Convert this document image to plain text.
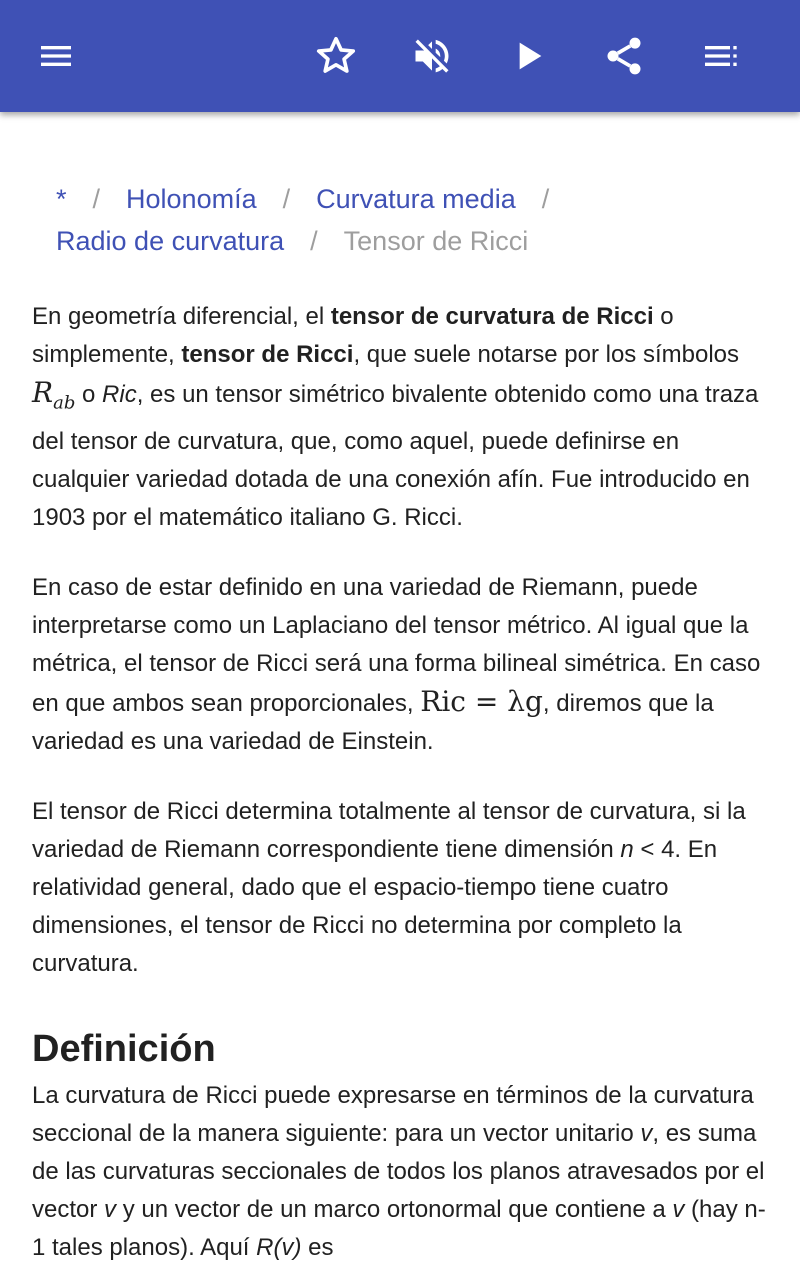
* / Holonomía / Curvatura media /
Radio de curvatura / Tensor de Ricci

En geometría diferencial, el tensor de curvatura de Ricci o simplemente, tensor de Ricci, que suele notarse por los símbolos $R_{ab}$ o Ric, es un tensor simétrico bivalente obtenido como una traza del tensor de curvatura, que, como aquel, puede definirse en cualquier variedad dotada de una conexión afín. Fue introducido en 1903 por el matemático italiano G. Ricci.

En caso de estar definido en una variedad de Riemann, puede interpretarse como un Laplaciano del tensor métrico. Al igual que la métrica, el tensor de Ricci será una forma bilineal simétrica. En caso en que ambos sean proporcionales, Ric = λg, diremos que la variedad es una variedad de Einstein.

El tensor de Ricci determina totalmente al tensor de curvatura, si la variedad de Riemann correspondiente tiene dimensión n < 4. En relatividad general, dado que el espacio-tiempo tiene cuatro dimensiones, el tensor de Ricci no determina por completo la curvatura.

Definición

La curvatura de Ricci puede expresarse en términos de la curvatura seccional de la manera siguiente: para un vector unitario v, es suma de las curvaturas seccionales de todos los planos atravesados por el vector v y un vector de un marco ortonormal que contiene a v (hay n-1 tales planos). Aquí R(v) es
